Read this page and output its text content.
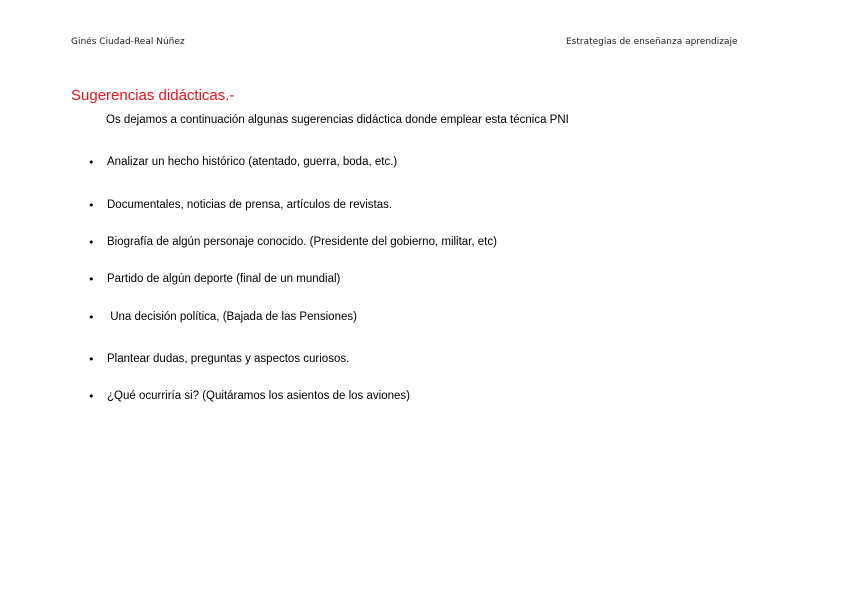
Ginés Ciudad-Real Núñez	Estrategias de enseñanza aprendizaje
Sugerencias didácticas.-
Os dejamos a continuación algunas sugerencias didáctica donde emplear esta técnica PNI
•	Analizar un hecho histórico (atentado, guerra, boda, etc.)
•	Documentales, noticias de prensa, artículos de revistas.
•	Biografía de algún personaje conocido. (Presidente del gobierno, militar, etc)
•	Partido de algún deporte (final de un mundial)
•	Una decisión política, (Bajada de las Pensiones)
•	Plantear dudas, preguntas y aspectos curiosos.
•	¿Qué ocurriría si? (Quitáramos los asientos de los aviones)
